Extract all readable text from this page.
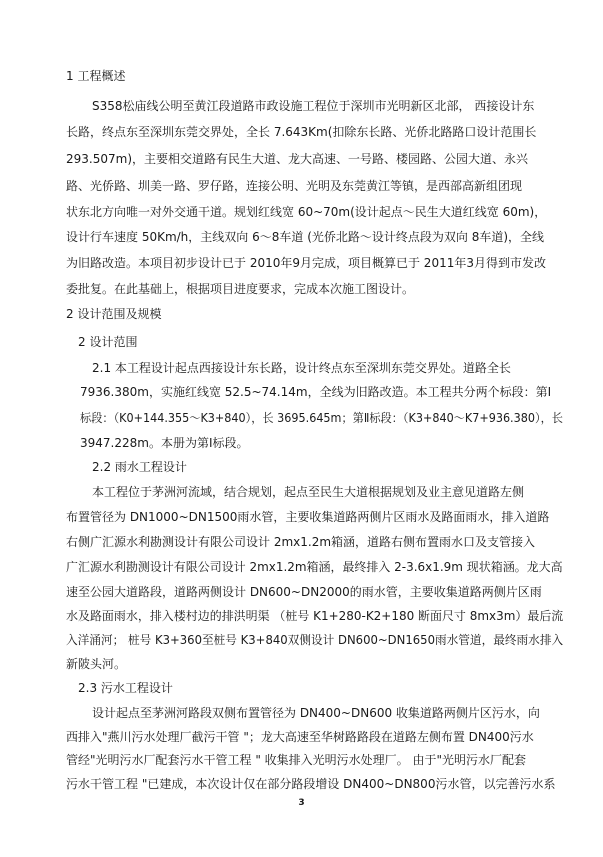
1 工程概述
S358松庙线公明至黄江段道路市政设施工程位于深圳市光明新区北部， 西接设计东
长路，终点东至深圳东莞交界处，全长 7.643Km(扣除东长路、光侨北路路口设计范围长
293.507m)，主要相交道路有民生大道、龙大高速、一号路、楼园路、公园大道、永兴
路、光侨路、圳美一路、罗仔路，连接公明、光明及东莞黄江等镇，是西部高新组团现
状东北方向唯一对外交通干道。规划红线宽 60~70m(设计起点～民生大道红线宽 60m)，
设计行车速度 50Km/h，主线双向 6～8车道 (光侨北路～设计终点段为双向 8车道)，全线
为旧路改造。本项目初步设计已于 2010年9月完成，项目概算已于 2011年3月得到市发改
委批复。在此基础上，根据项目进度要求，完成本次施工图设计。
2 设计范围及规模
2 设计范围
2.1 本工程设计起点西接设计东长路，设计终点东至深圳东莞交界处。道路全长
7936.380m，实施红线宽 52.5~74.14m，全线为旧路改造。本工程共分两个标段：第Ⅰ
标段：（K0+144.355～K3+840），长 3695.645m；第Ⅱ标段：（K3+840～K7+936.380），长
3947.228m。本册为第Ⅰ标段。
2.2 雨水工程设计
本工程位于茅洲河流域，结合规划，起点至民生大道根据规划及业主意见道路左侧
布置管径为 DN1000~DN1500雨水管，主要收集道路两侧片区雨水及路面雨水，排入道路
右侧广汇源水利勘测设计有限公司设计 2mx1.2m箱涵，道路右侧布置雨水口及支管接入
广汇源水利勘测设计有限公司设计 2mx1.2m箱涵，最终排入 2-3.6x1.9m 现状箱涵。龙大高
速至公园大道路段，道路两侧设计 DN600~DN2000的雨水管，主要收集道路两侧片区雨
水及路面雨水，排入楼村边的排洪明渠 （桩号 K1+280-K2+180 断面尺寸 8mx3m）最后流
入洋涌河； 桩号 K3+360至桩号 K3+840双侧设计 DN600~DN1650雨水管道，最终雨水排入
新陂头河。
2.3 污水工程设计
设计起点至茅洲河路段双侧布置管径为 DN400~DN600 收集道路两侧片区污水，向
西排入"燕川污水处理厂截污干管 "；龙大高速至华树路路段在道路左侧布置 DN400污水
管经"光明污水厂配套污水干管工程 " 收集排入光明污水处理厂。 由于"光明污水厂配套
污水干管工程 "已建成，本次设计仅在部分路段增设 DN400~DN800污水管，以完善污水系
3
